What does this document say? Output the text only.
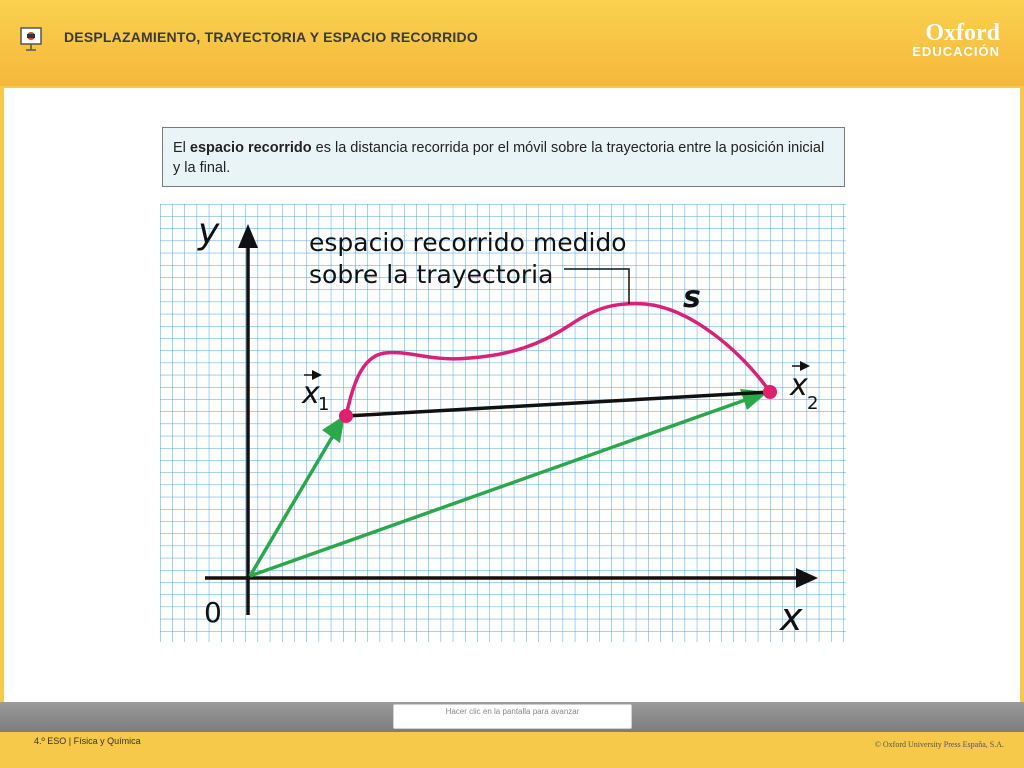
DESPLAZAMIENTO, TRAYECTORIA Y ESPACIO RECORRIDO	Oxford
EDUCACIÓN
El espacio recorrido es la distancia recorrida por el móvil sobre la trayectoria entre la posición inicial y la final.
espacio recorrido medido
sobre la trayectoria
s
y
x
0
x
1
x
2
Hacer clic en la pantalla para avanzar
4.º ESO | Física y Química	© Oxford University Press España, S.A.
